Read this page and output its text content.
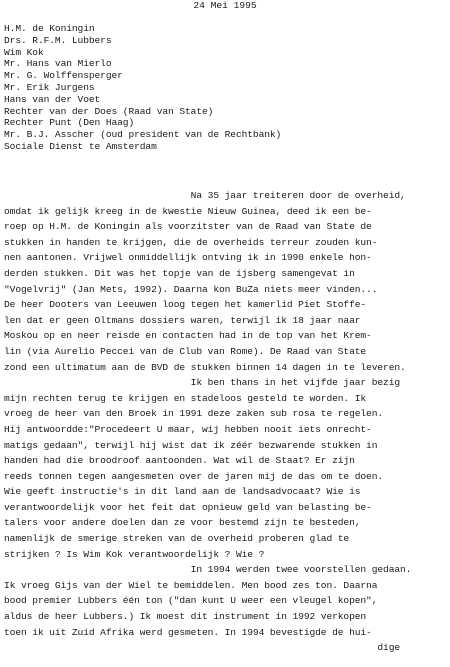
24 Mei 1995
H.M. de Koningin
Drs. R.F.M. Lubbers
Wim Kok
Mr. Hans van Mierlo
Mr. G. Wolffensperger
Mr. Erik Jurgens
Hans van der Voet
Rechter van der Does (Raad van State)
Rechter Punt (Den Haag)
Mr. B.J. Asscher (oud president van de Rechtbank)
Sociale Dienst te Amsterdam
Na 35 jaar treiteren door de overheid,
omdat ik gelijk kreeg in de kwestie Nieuw Guinea, deed ik een be-
roep op H.M. de Koningin als voorzitster van de Raad van State de
stukken in handen te krijgen, die de overheids terreur zouden kun-
nen aantonen. Vrijwel onmiddellijk ontving ik in 1990 enkele hon-
derden stukken. Dit was het topje van de ijsberg samengevat in
"Vogelvrij" (Jan Mets, 1992). Daarna kon BuZa niets meer vinden...
De heer Dooters van Leeuwen loog tegen het kamerlid Piet Stoffe-
len dat er geen Oltmans dossiers waren, terwijl ik 18 jaar naar
Moskou op en neer reisde en contacten had in de top van het Krem-
lin (via Aurelio Peccei van de Club van Rome). De Raad van State
zond een ultimatum aan de BVD de stukken binnen 14 dagen in te leveren.
Ik ben thans in het vijfde jaar bezig
mijn rechten terug te krijgen en stadeloos gesteld te worden. Ik
vroeg de heer van den Broek in 1991 deze zaken sub rosa te regelen.
Hij antwoordde:"Procedeert U maar, wij hebben nooit iets onrecht-
matigs gedaan", terwijl hij wist dat ik zéér bezwarende stukken in
handen had die broodroof aantoonden. Wat wil de Staat? Er zijn
reeds tonnen tegen aangesmeten over de jaren mij de das om te doen.
Wie geeft instructie's in dit land aan de landsadvocaat? Wie is
verantwoordelijk voor het feit dat opnieuw geld van belasting be-
talers voor andere doelen dan ze voor bestemd zijn te besteden,
namenlijk de smerige streken van de overheid proberen glad te
strijken ? Is Wim Kok verantwoordelijk ? Wie ?
In 1994 werden twee voorstellen gedaan.
Ik vroeg Gijs van der Wiel te bemiddelen. Men bood zes ton. Daarna
bood premier Lubbers één ton ("dan kunt U weer een vleugel kopen",
aldus de heer Lubbers.) Ik moest dit instrument in 1992 verkopen
toen ik uit Zuid Afrika werd gesmeten. In 1994 bevestigde de hui-
dige
